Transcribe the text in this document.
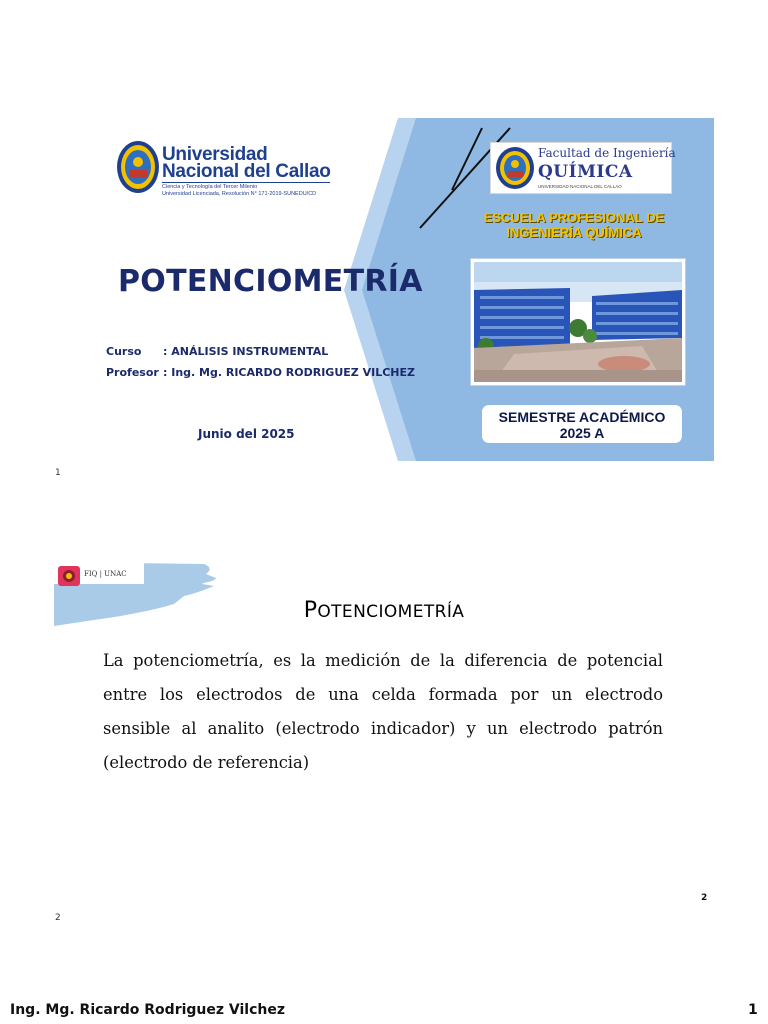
Universidad
Nacional del Callao
Ciencia y Tecnología del Tercer Milenio
Universidad Licenciada, Resolución N° 171-2019-SUNEDU/CD
POTENCIOMETRÍA
Curso : ANÁLISIS INSTRUMENTAL
Profesor : Ing. Mg. RICARDO RODRIGUEZ VILCHEZ
Junio del 2025
Facultad de Ingeniería
QUÍMICA
UNIVERSIDAD NACIONAL DEL CALLAO
ESCUELA PROFESIONAL DE
INGENIERÍA QUÍMICA
SEMESTRE ACADÉMICO
2025 A
1
FIQ | UNAC
POTENCIOMETRÍA
La potenciometría, es la medición de la diferencia de potencial entre los electrodos de una celda formada por un electrodo sensible al analito (electrodo indicador) y un electrodo patrón (electrodo de referencia)
2
2
Ing. Mg. Ricardo Rodriguez Vilchez	1
